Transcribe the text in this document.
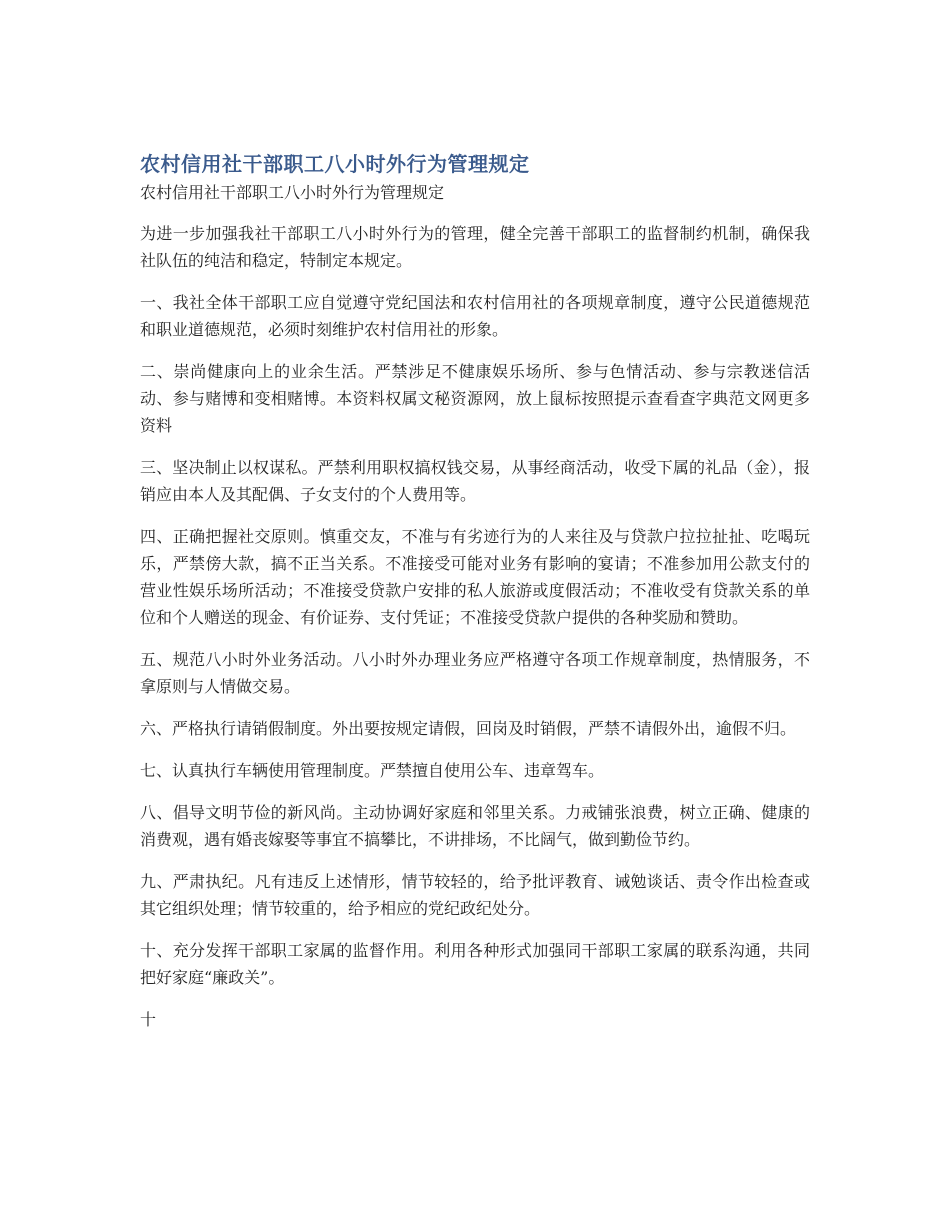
农村信用社干部职工八小时外行为管理规定

农村信用社干部职工八小时外行为管理规定

为进一步加强我社干部职工八小时外行为的管理，健全完善干部职工的监督制约机制，确保我社队伍的纯洁和稳定，特制定本规定。

一、我社全体干部职工应自觉遵守党纪国法和农村信用社的各项规章制度，遵守公民道德规范和职业道德规范，必须时刻维护农村信用社的形象。

二、崇尚健康向上的业余生活。严禁涉足不健康娱乐场所、参与色情活动、参与宗教迷信活动、参与赌博和变相赌博。本资料权属文秘资源网，放上鼠标按照提示查看查字典范文网更多资料

三、坚决制止以权谋私。严禁利用职权搞权钱交易，从事经商活动，收受下属的礼品（金），报销应由本人及其配偶、子女支付的个人费用等。

四、正确把握社交原则。慎重交友，不准与有劣迹行为的人来往及与贷款户拉拉扯扯、吃喝玩乐，严禁傍大款，搞不正当关系。不准接受可能对业务有影响的宴请；不准参加用公款支付的营业性娱乐场所活动；不准接受贷款户安排的私人旅游或度假活动；不准收受有贷款关系的单位和个人赠送的现金、有价证券、支付凭证；不准接受贷款户提供的各种奖励和赞助。

五、规范八小时外业务活动。八小时外办理业务应严格遵守各项工作规章制度，热情服务，不拿原则与人情做交易。

六、严格执行请销假制度。外出要按规定请假，回岗及时销假，严禁不请假外出，逾假不归。

七、认真执行车辆使用管理制度。严禁擅自使用公车、违章驾车。

八、倡导文明节俭的新风尚。主动协调好家庭和邻里关系。力戒铺张浪费，树立正确、健康的消费观，遇有婚丧嫁娶等事宜不搞攀比，不讲排场，不比阔气，做到勤俭节约。

九、严肃执纪。凡有违反上述情形，情节较轻的，给予批评教育、诫勉谈话、责令作出检查或其它组织处理；情节较重的，给予相应的党纪政纪处分。

十、充分发挥干部职工家属的监督作用。利用各种形式加强同干部职工家属的联系沟通，共同把好家庭“廉政关”。

十
